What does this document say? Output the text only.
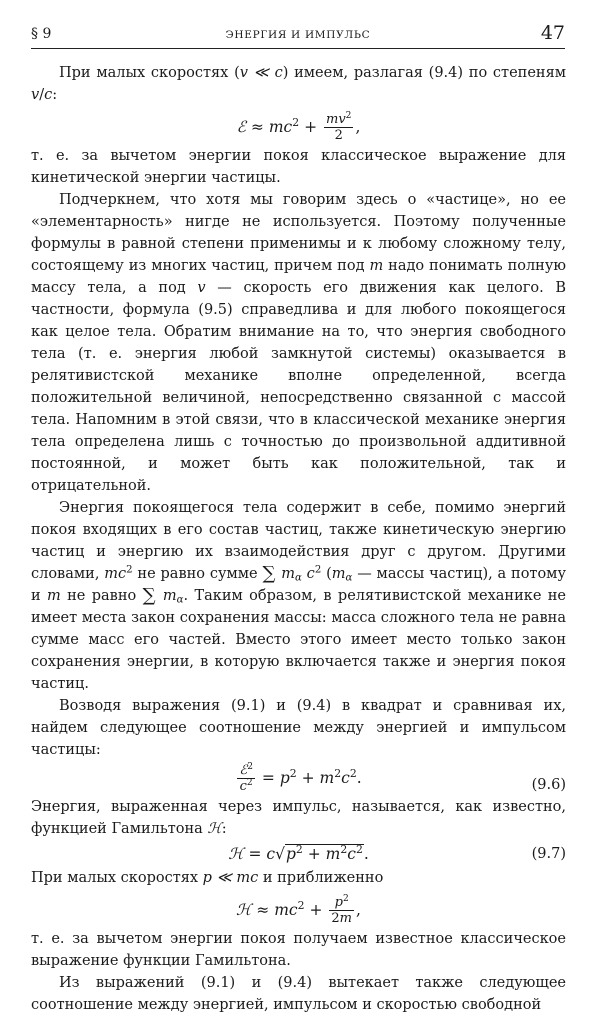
§ 9	ЭНЕРГИЯ И ИМПУЛЬС	47

При малых скоростях (v ≪ c) имеем, разлагая (9.4) по степеням v/c:

ℰ ≈ $mc^2 + \frac{mv^2}{2}$ ,

т. е. за вычетом энергии покоя классическое выражение для кинетической энергии частицы.

Подчеркнем, что хотя мы говорим здесь о «частице», но ее «элементарность» нигде не используется. Поэтому полученные формулы в равной степени применимы и к любому сложному телу, состоящему из многих частиц, причем под m надо понимать полную массу тела, а под v — скорость его движения как целого. В частности, формула (9.5) справедлива и для любого покоящегося как целое тела. Обратим внимание на то, что энергия свободного тела (т. е. энергия любой замкнутой системы) оказывается в релятивистской механике вполне определенной, всегда положительной величиной, непосредственно связанной с массой тела. Напомним в этой связи, что в классической механике энергия тела определена лишь с точностью до произвольной аддитивной постоянной, и может быть как положительной, так и отрицательной.

Энергия покоящегося тела содержит в себе, помимо энергий покоя входящих в его состав частиц, также кинетическую энергию частиц и энергию их взаимодействия друг с другом. Другими словами, $mc^2$ не равно сумме ∑ $m_\alpha$ $c^2$ ($m_\alpha$ — массы частиц), а потому и m не равно ∑ $m_\alpha$. Таким образом, в релятивистской механике не имеет места закон сохранения массы: масса сложного тела не равна сумме масс его частей. Вместо этого имеет место только закон сохранения энергии, в которую включается также и энергия покоя частиц.

Возводя выражения (9.1) и (9.4) в квадрат и сравнивая их, найдем следующее соотношение между энергией и импульсом частицы:

$\frac{ℰ^2}{c^2} = p^2 + m^2c^2$.	(9.6)

Энергия, выраженная через импульс, называется, как известно, функцией Гамильтона ℋ:

ℋ = $c√p^2 + m^2c^2$.	(9.7)

При малых скоростях p ≪ mc и приближенно

ℋ ≈ $mc^2 + \frac{p^2}{2m}$ ,

т. е. за вычетом энергии покоя получаем известное классическое выражение функции Гамильтона.

Из выражений (9.1) и (9.4) вытекает также следующее соотношение между энергией, импульсом и скоростью свободной
